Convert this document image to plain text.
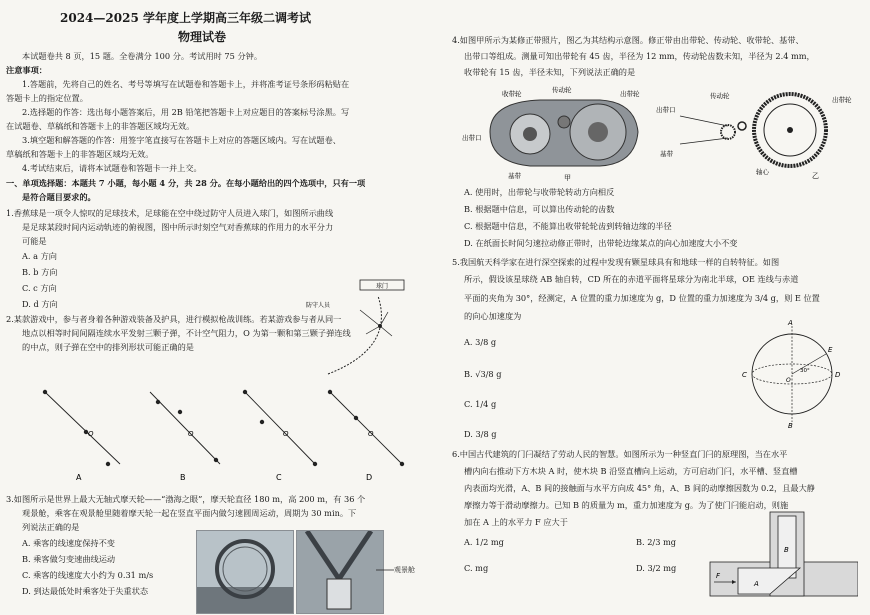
2024—2025 学年度上学期高三年级二调考试
物理试卷
本试题卷共 8 页，15 题。全卷满分 100 分。考试用时 75 分钟。
注意事项：
1.答题前，先将自己的姓名、考号等填写在试题卷和答题卡上，并将准考证号条形码粘贴在
答题卡上的指定位置。
2.选择题的作答：选出每小题答案后，用 2B 铅笔把答题卡上对应题目的答案标号涂黑。写
在试题卷、草稿纸和答题卡上的非答题区域均无效。
3.填空题和解答题的作答：用签字笔直接写在答题卡上对应的答题区域内。写在试题卷、
草稿纸和答题卡上的非答题区域均无效。
4.考试结束后，请将本试题卷和答题卡一并上交。
一、单项选择题：本题共 7 小题，每小题 4 分，共 28 分。在每小题给出的四个选项中，只有一项
是符合题目要求的。
1.香蕉球是一项令人惊叹的足球技术，足球能在空中绕过防守人员进入球门，如图所示曲线
是足球某段时间内运动轨迹的俯视图，图中所示时刻空气对香蕉球的作用力的水平分力
可能是
A. a 方向
B. b 方向
C. c 方向
D. d 方向
球门
防守人员
2.某款游戏中，参与者身着各种游戏装备及护具，进行模拟枪战训练。若某游戏参与者从同一
地点以相等时间间隔连续水平发射三颗子弹，不计空气阻力，O 为第一颗和第三颗子弹连线
的中点，则子弹在空中的排列形状可能正确的是
O
A
O
B
O
C
O
D
3.如图所示是世界上最大无轴式摩天轮——“渤海之眼”，摩天轮直径 180 m，高 200 m，有 36 个
观景舱，乘客在观景舱里随着摩天轮一起在竖直平面内做匀速圆周运动，周期为 30 min。下
列说法正确的是
A. 乘客的线速度保持不变
B. 乘客做匀变速曲线运动
C. 乘客的线速度大小约为 0.31 m/s
D. 到达最低处时乘客处于失重状态
观景舱
4.如图甲所示为某修正带照片，图乙为其结构示意图。修正带由出带轮、传动轮、收带轮、基带、
出带口等组成。测量可知出带轮有 45 齿，半径为 12 mm，传动轮齿数未知，半径为 2.4 mm，
收带轮有 15 齿，半径未知，下列说法正确的是
收带轮	传动轮	出带轮
出带口
基带	甲
出带口
传动轮	出带轮
基带
轴心	乙
A. 使用时，出带轮与收带轮转动方向相反
B. 根据题中信息，可以算出传动轮的齿数
C. 根据题中信息，不能算出收带轮轮齿到转轴边缘的半径
D. 在纸面长时间匀速拉动修正带时，出带轮边缘某点的向心加速度大小不变
5.我国航天科学家在进行深空探索的过程中发现有颗星球具有和地球一样的自转特征。如图
所示，假设该星球绕 AB 轴自转，CD 所在的赤道平面将星球分为南北半球，OE 连线与赤道
平面的夹角为 30°，经测定，A 位置的重力加速度为 g，D 位置的重力加速度为 3/4 g，则 E 位置
的向心加速度为
A. 3/8 g
B. √3/8 g
C. 1/4 g
D. 3/8 g
A
B
C	D
E
O
30°
6.中国古代建筑的门闩凝结了劳动人民的智慧。如图所示为一种竖直门闩的原理图，当在水平
槽内向右推动下方木块 A 时，使木块 B 沿竖直槽向上运动，方可启动门闩，水平槽、竖直槽
内表面均光滑，A、B 间的接触面与水平方向成 45° 角，A、B 间的动摩擦因数为 0.2，且最大静
摩擦力等于滑动摩擦力。已知 B 的质量为 m，重力加速度为 g。为了使门闩能启动，则施
加在 A 上的水平力 F 应大于
A. 1/2 mg	B. 2/3 mg
C. mg	D. 3/2 mg
F
A
B
